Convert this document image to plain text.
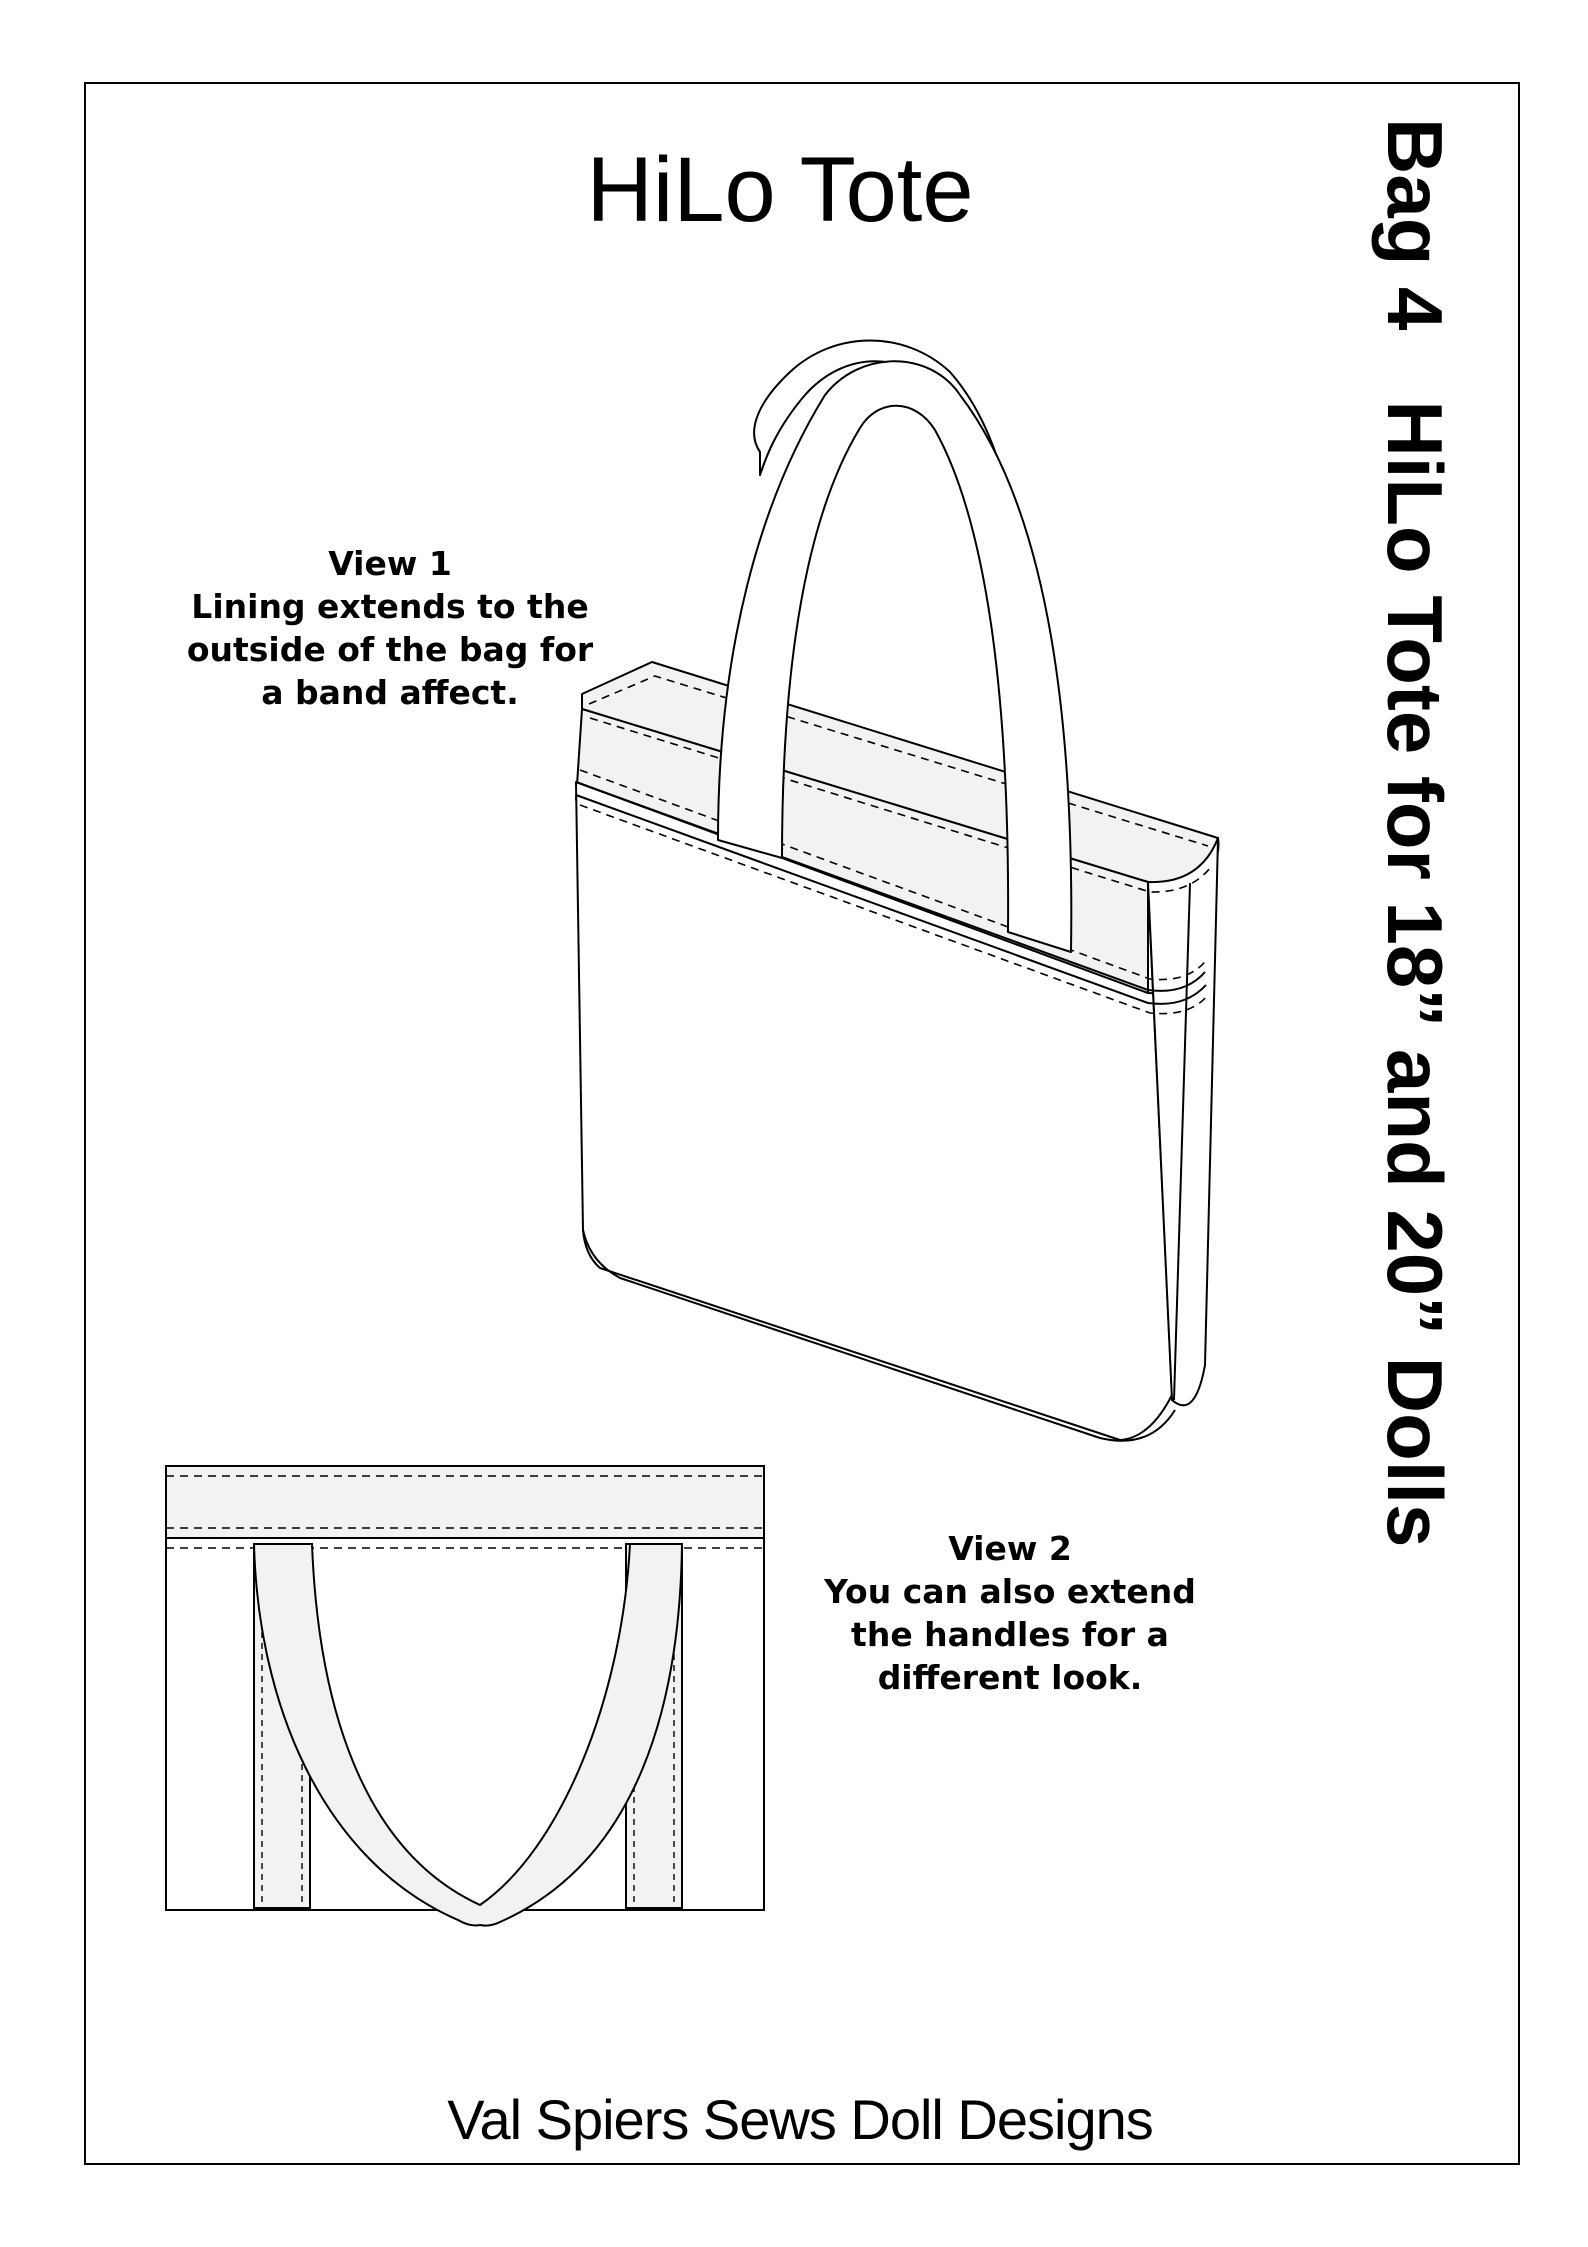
HiLo Tote	Bag 4HiLo Tote for 18” and 20” Dolls
View 1
Lining extends to the
outside of the bag for
a band affect.
View 2
You can also extend
the handles for a
different look.
Val Spiers Sews Doll Designs
